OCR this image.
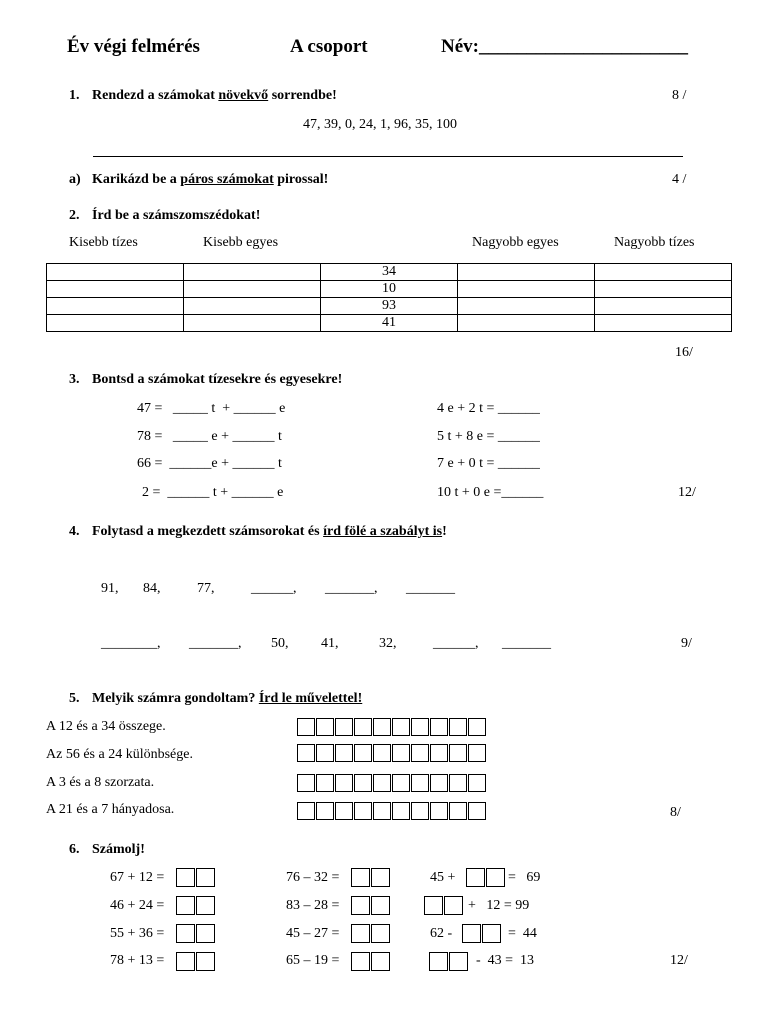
Év végi felmérés	A csoport	Név:______________________
1. Rendezd a számokat növekvő sorrendbe!	8 /
47, 39, 0, 24, 1, 96, 35, 100
a) Karikázd be a páros számokat pirossal!	4 /
2. Írd be a számszomszédokat!
Kisebb tízes	Kisebb egyes	Nagyobb egyes	Nagyobb tízes
		34		
		10		
		93		
		41		
16/
3. Bontsd a számokat tízesekre és egyesekre!
47 =   _____ t  + ______ e
78 =   _____ e + ______ t
66 =  ______e + ______ t
2 =  ______ t + ______ e
4 e + 2 t = ______
5 t + 8 e = ______
7 e + 0 t = ______
10 t + 0 e =______	12/
4. Folytasd a megkezdett számsorokat és írd fölé a szabályt is!
91, 84,	77,	______, _______, _______
________, _______, 50, 41,	32,	______, _______	9/
5. Melyik számra gondoltam? Írd le művelettel!
A 12 és a 34 összege.
Az 56 és a 24 különbsége.
A 3 és a 8 szorzata.
A 21 és a 7 hányadosa.	8/
6. Számolj!
67 + 12 =
46 + 24 =
55 + 36 =
78 + 13 =
76 – 32 =
83 – 28 =
45 – 27 =
65 – 19 =
45 +	=   69
+   12 = 99
62 -	=  44
-  43 =  13	12/
